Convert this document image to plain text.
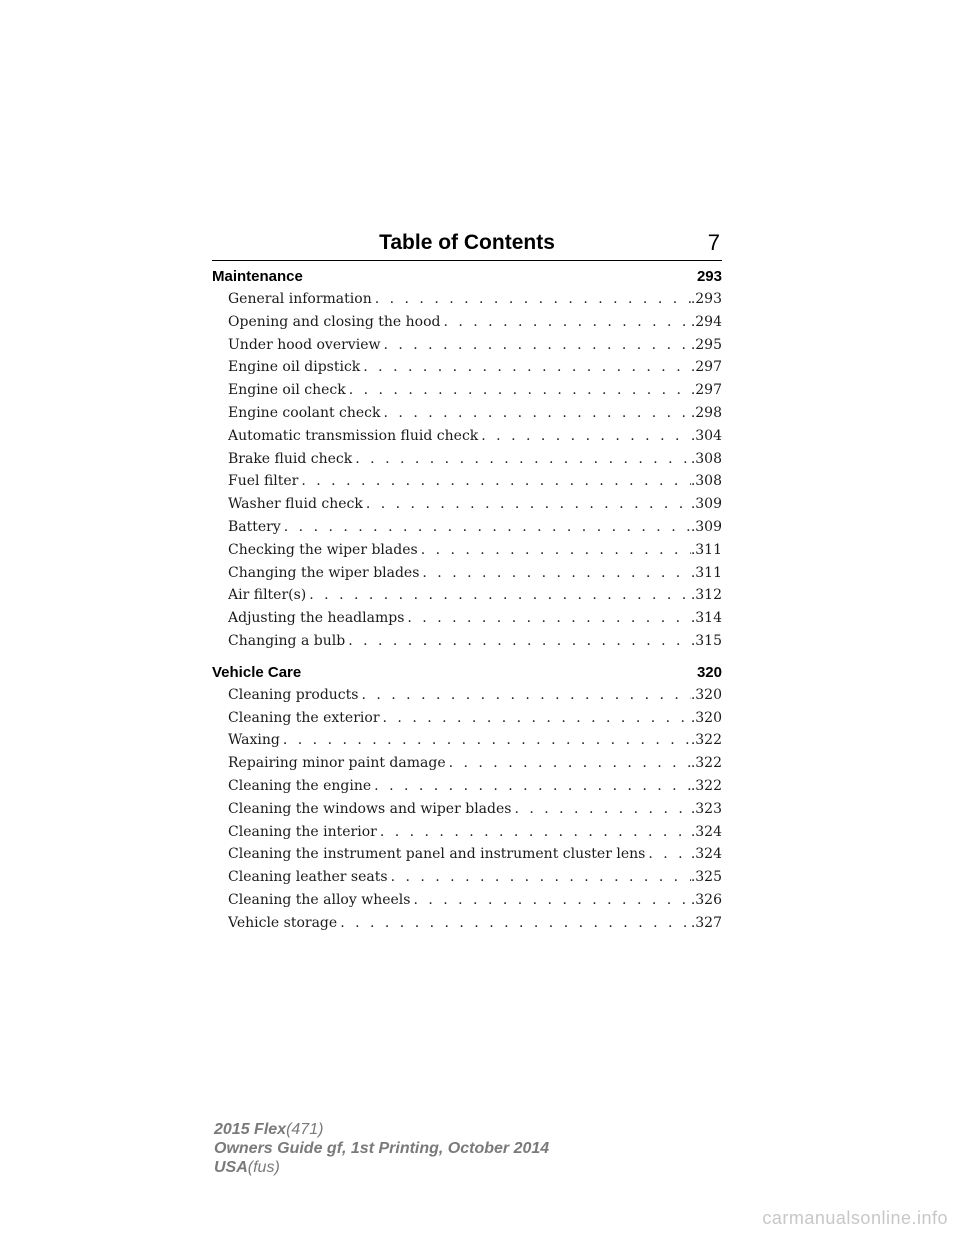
Table of Contents	7
Maintenance	293
General information . . .	.293
Opening and closing the hood . . .	.294
Under hood overview . . .	.295
Engine oil dipstick . . .	.297
Engine oil check . . .	.297
Engine coolant check . . .	.298
Automatic transmission fluid check . . .	.304
Brake fluid check . . .	.308
Fuel filter . . .	.308
Washer fluid check . . .	.309
Battery . . .	.309
Checking the wiper blades . . .	.311
Changing the wiper blades . . .	.311
Air filter(s) . . .	.312
Adjusting the headlamps . . .	.314
Changing a bulb . . .	.315
Vehicle Care	320
Cleaning products . . .	.320
Cleaning the exterior . . .	.320
Waxing . . .	.322
Repairing minor paint damage . . .	.322
Cleaning the engine . . .	.322
Cleaning the windows and wiper blades . . .	.323
Cleaning the interior . . .	.324
Cleaning the instrument panel and instrument cluster lens . . .	.324
Cleaning leather seats . . .	.325
Cleaning the alloy wheels . . .	.326
Vehicle storage . . .	.327
2015 Flex(471)
Owners Guide gf, 1st Printing, October 2014
USA(fus)
carmanualsonline.info
